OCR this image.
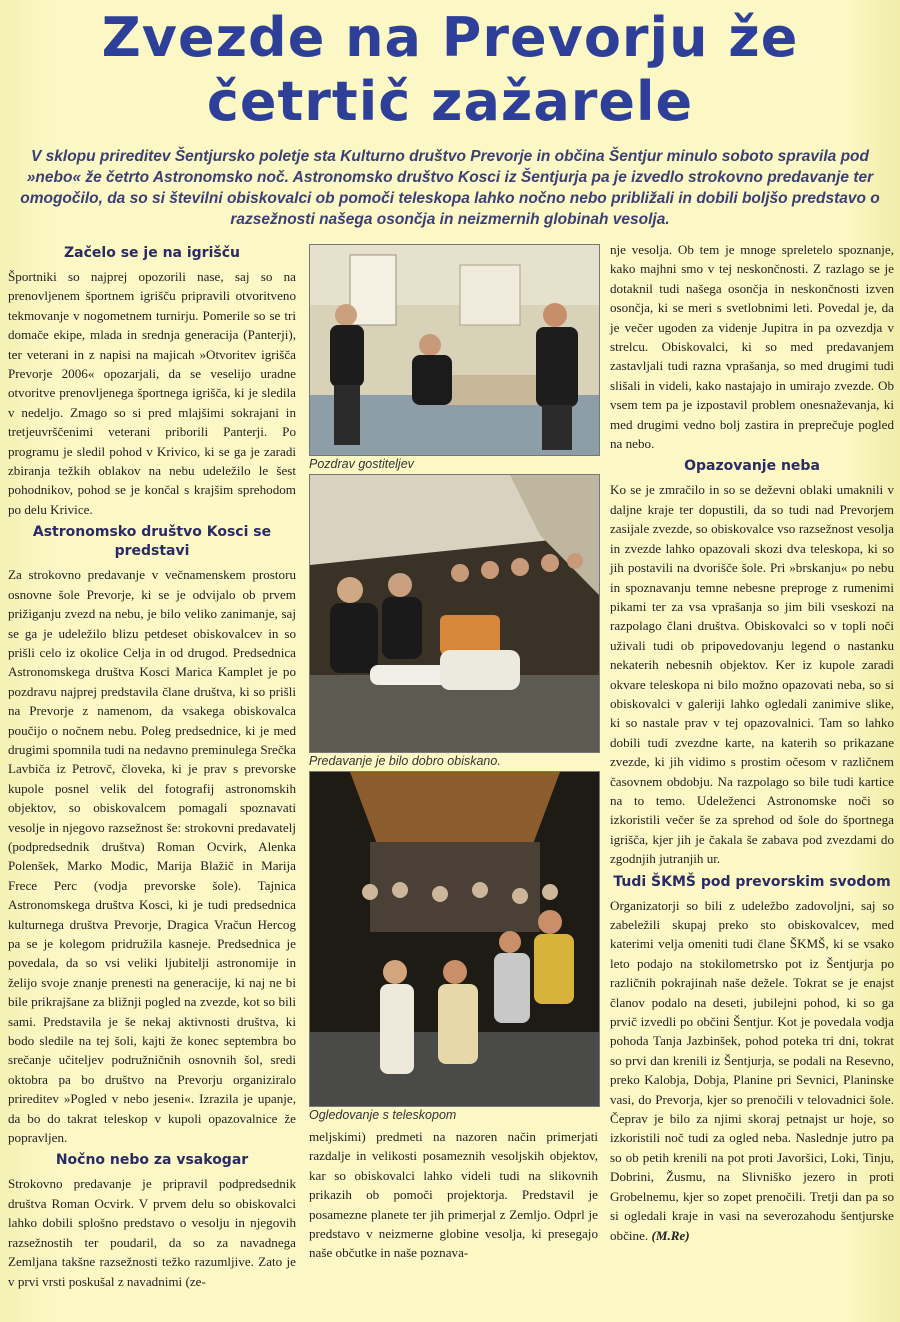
Zvezde na Prevorju že četrtič zažarele

V sklopu prireditev Šentjursko poletje sta Kulturno društvo Prevorje in občina Šentjur minulo soboto spravila pod »nebo« že četrto Astronomsko noč. Astronomsko društvo Kosci iz Šentjurja pa je izvedlo strokovno predavanje ter omogočilo, da so si številni obiskovalci ob pomoči teleskopa lahko nočno nebo približali in dobili boljšo predstavo o razsežnosti našega osončja in neizmernih globinah vesolja.

Začelo se je na igrišču

Športniki so najprej opozorili nase, saj so na prenovljenem športnem igrišču pripravili otvoritveno tekmovanje v nogometnem turnirju. Pomerile so se tri domače ekipe, mlada in srednja generacija (Panterji), ter veterani in z napisi na majicah »Otvoritev igrišča Prevorje 2006« opozarjali, da se veselijo uradne otvoritve prenovljenega športnega igrišča, ki je sledila v nedeljo. Zmago so si pred mlajšimi sokrajani in tretjeuvrščenimi veterani priborili Panterji. Po programu je sledil pohod v Krivico, ki se ga je zaradi zbiranja težkih oblakov na nebu udeležilo le šest pohodnikov, pohod se je končal s krajšim sprehodom po delu Krivice.

Astronomsko društvo Kosci se predstavi

Za strokovno predavanje v večnamenskem prostoru osnovne šole Prevorje, ki se je odvijalo ob prvem prižiganju zvezd na nebu, je bilo veliko zanimanje, saj se ga je udeležilo blizu petdeset obiskovalcev in so prišli celo iz okolice Celja in od drugod. Predsednica Astronomskega društva Kosci Marica Kamplet je po pozdravu najprej predstavila člane društva, ki so prišli na Prevorje z namenom, da vsakega obiskovalca poučijo o nočnem nebu. Poleg predsednice, ki je med drugimi spomnila tudi na nedavno preminulega Srečka Lavbiča iz Petrovč, človeka, ki je prav s prevorske kupole posnel velik del fotografij astronomskih objektov, so obiskovalcem pomagali spoznavati vesolje in njegovo razsežnost še: strokovni predavatelj (podpredsednik društva) Roman Ocvirk, Alenka Polenšek, Marko Modic, Marija Blažič in Marija Frece Perc (vodja prevorske šole). Tajnica Astronomskega društva Kosci, ki je tudi predsednica kulturnega društva Prevorje, Dragica Vračun Hercog pa se je kolegom pridružila kasneje. Predsednica je povedala, da so vsi veliki ljubitelji astronomije in želijo svoje znanje prenesti na generacije, ki naj ne bi bile prikrajšane za bližnji pogled na zvezde, kot so bili sami. Predstavila je še nekaj aktivnosti društva, ki bodo sledile na tej šoli, kajti že konec septembra bo srečanje učiteljev podružničnih osnovnih šol, sredi oktobra pa bo društvo na Prevorju organiziralo prireditev »Pogled v nebo jeseni«. Izrazila je upanje, da bo do takrat teleskop v kupoli opazovalnice že popravljen.

Nočno nebo za vsakogar

Strokovno predavanje je pripravil podpredsednik društva Roman Ocvirk. V prvem delu so obiskovalci lahko dobili splošno predstavo o vesolju in njegovih razsežnostih ter poudaril, da so za navadnega Zemljana takšne razsežnosti težko razumljive. Zato je v prvi vrsti poskušal z navadnimi (ze-

Pozdrav gostiteljev

Predavanje je bilo dobro obiskano.

Ogledovanje s teleskopom

meljskimi) predmeti na nazoren način primerjati razdalje in velikosti posameznih vesoljskih objektov, kar so obiskovalci lahko videli tudi na slikovnih prikazih ob pomoči projektorja. Predstavil je posamezne planete ter jih primerjal z Zemljo. Odprl je predstavo v neizmerne globine vesolja, ki presegajo naše občutke in naše poznava-

nje vesolja. Ob tem je mnoge spreletelo spoznanje, kako majhni smo v tej neskončnosti. Z razlago se je dotaknil tudi našega osončja in neskončnosti izven osončja, ki se meri s svetlobnimi leti. Povedal je, da je večer ugoden za videnje Jupitra in pa ozvezdja v strelcu. Obiskovalci, ki so med predavanjem zastavljali tudi razna vprašanja, so med drugimi tudi slišali in videli, kako nastajajo in umirajo zvezde. Ob vsem tem pa je izpostavil problem onesnaževanja, ki med drugimi vedno bolj zastira in preprečuje pogled na nebo.

Opazovanje neba

Ko se je zmračilo in so se deževni oblaki umaknili v daljne kraje ter dopustili, da so tudi nad Prevorjem zasijale zvezde, so obiskovalce vso razsežnost vesolja in zvezde lahko opazovali skozi dva teleskopa, ki so jih postavili na dvorišče šole. Pri »brskanju« po nebu in spoznavanju temne nebesne preproge z rumenimi pikami ter za vsa vprašanja so jim bili vseskozi na razpolago člani društva. Obiskovalci so v topli noči uživali tudi ob pripovedovanju legend o nastanku nekaterih nebesnih objektov. Ker iz kupole zaradi okvare teleskopa ni bilo možno opazovati neba, so si obiskovalci v galeriji lahko ogledali zanimive slike, ki so nastale prav v tej opazovalnici. Tam so lahko dobili tudi zvezdne karte, na katerih so prikazane zvezde, ki jih vidimo s prostim očesom v različnem časovnem obdobju. Na razpolago so bile tudi kartice na to temo. Udeleženci Astronomske noči so izkoristili večer še za sprehod od šole do športnega igrišča, kjer jih je čakala še zabava pod zvezdami do zgodnjih jutranjih ur.

Tudi ŠKMŠ pod prevorskim svodom

Organizatorji so bili z udeležbo zadovoljni, saj so zabeležili skupaj preko sto obiskovalcev, med katerimi velja omeniti tudi člane ŠKMŠ, ki se vsako leto podajo na stokilometrsko pot iz Šentjurja po različnih pokrajinah naše dežele. Tokrat se je enajst članov podalo na deseti, jubilejni pohod, ki so ga prvič izvedli po občini Šentjur. Kot je povedala vodja pohoda Tanja Jazbinšek, pohod poteka tri dni, tokrat so prvi dan krenili iz Šentjurja, se podali na Resevno, preko Kalobja, Dobja, Planine pri Sevnici, Planinske vasi, do Prevorja, kjer so prenočili v telovadnici šole. Čeprav je bilo za njimi skoraj petnajst ur hoje, so izkoristili noč tudi za ogled neba. Naslednje jutro pa so ob petih krenili na pot proti Javoršici, Loki, Tinju, Dobrini, Žusmu, na Slivniško jezero in proti Grobelnemu, kjer so zopet prenočili. Tretji dan pa so si ogledali kraje in vasi na severozahodu šentjurske občine. (M.Re)
